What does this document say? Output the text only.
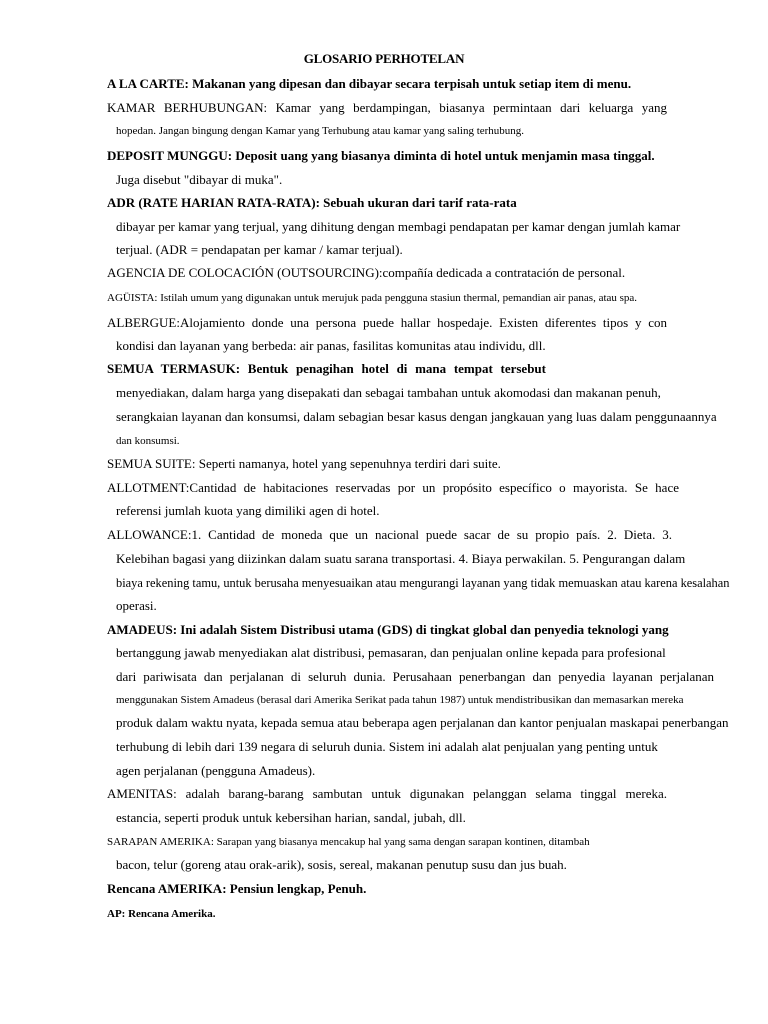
GLOSARIO PERHOTELAN
A LA CARTE: Makanan yang dipesan dan dibayar secara terpisah untuk setiap item di menu.
KAMAR BERHUBUNGAN: Kamar yang berdampingan, biasanya permintaan dari keluarga yang
hopedan. Jangan bingung dengan Kamar yang Terhubung atau kamar yang saling terhubung.
DEPOSIT MUNGGU: Deposit uang yang biasanya diminta di hotel untuk menjamin masa tinggal.
Juga disebut "dibayar di muka".
ADR (RATE HARIAN RATA-RATA): Sebuah ukuran dari tarif rata-rata
dibayar per kamar yang terjual, yang dihitung dengan membagi pendapatan per kamar dengan jumlah kamar
terjual. (ADR = pendapatan per kamar / kamar terjual).
AGENCIA DE COLOCACIÓN (OUTSOURCING):compañía dedicada a contratación de personal.
AGÜISTA: Istilah umum yang digunakan untuk merujuk pada pengguna stasiun thermal, pemandian air panas, atau spa.
ALBERGUE:Alojamiento donde una persona puede hallar hospedaje. Existen diferentes tipos y con
kondisi dan layanan yang berbeda: air panas, fasilitas komunitas atau individu, dll.
SEMUA TERMASUK: Bentuk penagihan hotel di mana tempat tersebut
menyediakan, dalam harga yang disepakati dan sebagai tambahan untuk akomodasi dan makanan penuh,
serangkaian layanan dan konsumsi, dalam sebagian besar kasus dengan jangkauan yang luas dalam penggunaannya
dan konsumsi.
SEMUA SUITE: Seperti namanya, hotel yang sepenuhnya terdiri dari suite.
ALLOTMENT:Cantidad de habitaciones reservadas por un propósito específico o mayorista. Se hace
referensi jumlah kuota yang dimiliki agen di hotel.
ALLOWANCE:1. Cantidad de moneda que un nacional puede sacar de su propio país. 2. Dieta. 3.
Kelebihan bagasi yang diizinkan dalam suatu sarana transportasi. 4. Biaya perwakilan. 5. Pengurangan dalam
biaya rekening tamu, untuk berusaha menyesuaikan atau mengurangi layanan yang tidak memuaskan atau karena kesalahan
operasi.
AMADEUS: Ini adalah Sistem Distribusi utama (GDS) di tingkat global dan penyedia teknologi yang
bertanggung jawab menyediakan alat distribusi, pemasaran, dan penjualan online kepada para profesional
dari pariwisata dan perjalanan di seluruh dunia. Perusahaan penerbangan dan penyedia layanan perjalanan
menggunakan Sistem Amadeus (berasal dari Amerika Serikat pada tahun 1987) untuk mendistribusikan dan memasarkan mereka
produk dalam waktu nyata, kepada semua atau beberapa agen perjalanan dan kantor penjualan maskapai penerbangan
terhubung di lebih dari 139 negara di seluruh dunia. Sistem ini adalah alat penjualan yang penting untuk
agen perjalanan (pengguna Amadeus).
AMENITAS: adalah barang-barang sambutan untuk digunakan pelanggan selama tinggal mereka.
estancia, seperti produk untuk kebersihan harian, sandal, jubah, dll.
SARAPAN AMERIKA: Sarapan yang biasanya mencakup hal yang sama dengan sarapan kontinen, ditambah
bacon, telur (goreng atau orak-arik), sosis, sereal, makanan penutup susu dan jus buah.
Rencana AMERIKA: Pensiun lengkap, Penuh.
AP: Rencana Amerika.
